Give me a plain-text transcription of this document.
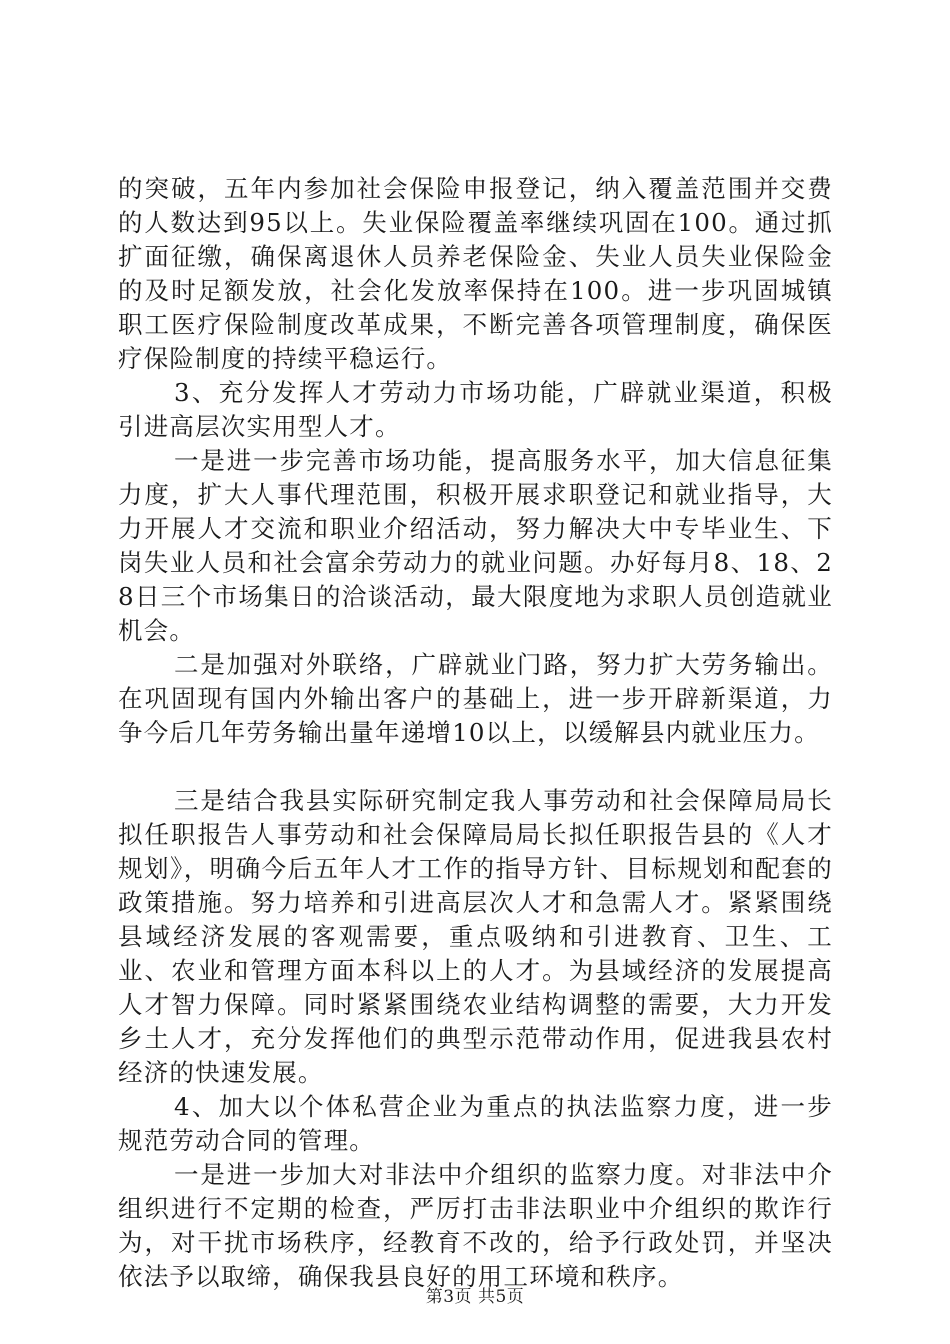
的突破，五年内参加社会保险申报登记，纳入覆盖范围并交费的人数达到95以上。失业保险覆盖率继续巩固在100。通过抓扩面征缴，确保离退休人员养老保险金、失业人员失业保险金的及时足额发放，社会化发放率保持在100。进一步巩固城镇职工医疗保险制度改革成果，不断完善各项管理制度，确保医疗保险制度的持续平稳运行。

3、充分发挥人才劳动力市场功能，广辟就业渠道，积极引进高层次实用型人才。

一是进一步完善市场功能，提高服务水平，加大信息征集力度，扩大人事代理范围，积极开展求职登记和就业指导，大力开展人才交流和职业介绍活动，努力解决大中专毕业生、下岗失业人员和社会富余劳动力的就业问题。办好每月8、18、28日三个市场集日的洽谈活动，最大限度地为求职人员创造就业机会。

二是加强对外联络，广辟就业门路，努力扩大劳务输出。在巩固现有国内外输出客户的基础上，进一步开辟新渠道，力争今后几年劳务输出量年递增10以上，以缓解县内就业压力。

三是结合我县实际研究制定我人事劳动和社会保障局局长拟任职报告人事劳动和社会保障局局长拟任职报告县的《人才规划》，明确今后五年人才工作的指导方针、目标规划和配套的政策措施。努力培养和引进高层次人才和急需人才。紧紧围绕县域经济发展的客观需要，重点吸纳和引进教育、卫生、工业、农业和管理方面本科以上的人才。为县域经济的发展提高人才智力保障。同时紧紧围绕农业结构调整的需要，大力开发乡土人才，充分发挥他们的典型示范带动作用，促进我县农村经济的快速发展。

4、加大以个体私营企业为重点的执法监察力度，进一步规范劳动合同的管理。

一是进一步加大对非法中介组织的监察力度。对非法中介组织进行不定期的检查，严厉打击非法职业中介组织的欺诈行为，对干扰市场秩序，经教育不改的，给予行政处罚，并坚决依法予以取缔，确保我县良好的用工环境和秩序。

第3页 共5页
